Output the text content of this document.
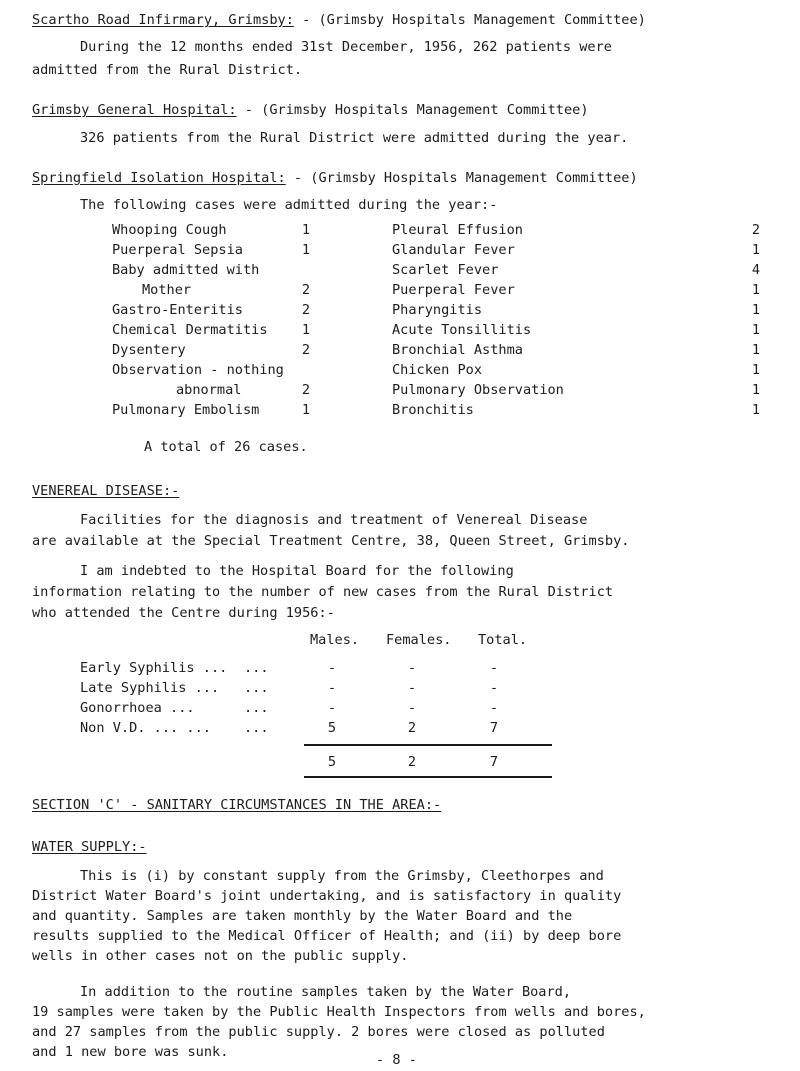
Scartho Road Infirmary, Grimsby: - (Grimsby Hospitals Management Committee)
During the 12 months ended 31st December, 1956, 262 patients were
admitted from the Rural District.
Grimsby General Hospital: - (Grimsby Hospitals Management Committee)
326 patients from the Rural District were admitted during the year.
Springfield Isolation Hospital: - (Grimsby Hospitals Management Committee)
The following cases were admitted during the year:-
Whooping Cough	1
Puerperal Sepsia	1
Baby admitted with
Mother	2
Gastro-Enteritis	2
Chemical Dermatitis	1
Dysentery	2
Observation - nothing
abnormal	2
Pulmonary Embolism	1
Pleural Effusion	2
Glandular Fever	1
Scarlet Fever	4
Puerperal Fever	1
Pharyngitis	1
Acute Tonsillitis	1
Bronchial Asthma	1
Chicken Pox	1
Pulmonary Observation	1
Bronchitis	1
A total of 26 cases.
VENEREAL DISEASE:-
Facilities for the diagnosis and treatment of Venereal Disease
are available at the Special Treatment Centre, 38, Queen Street, Grimsby.
I am indebted to the Hospital Board for the following
information relating to the number of new cases from the Rural District
who attended the Centre during 1956:-
Males. Females. Total.
Early Syphilis ... ...	-	-	-
Late Syphilis ... ...	-	-	-
Gonorrhoea ...	...	-	-	-
Non V.D. ... ... ...	5	2	7
5	2	7
SECTION 'C' - SANITARY CIRCUMSTANCES IN THE AREA:-
WATER SUPPLY:-
This is (i) by constant supply from the Grimsby, Cleethorpes and
District Water Board's joint undertaking, and is satisfactory in quality
and quantity. Samples are taken monthly by the Water Board and the
results supplied to the Medical Officer of Health; and (ii) by deep bore
wells in other cases not on the public supply.
In addition to the routine samples taken by the Water Board,
19 samples were taken by the Public Health Inspectors from wells and bores,
and 27 samples from the public supply. 2 bores were closed as polluted
and 1 new bore was sunk.	- 8 -
